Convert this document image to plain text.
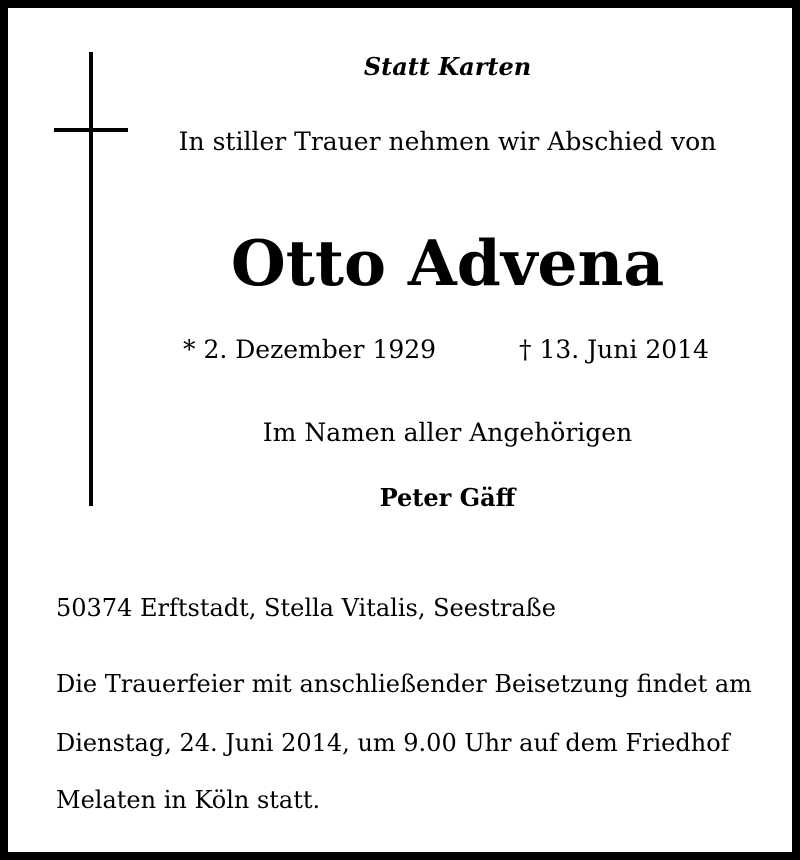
Statt Karten
In stiller Trauer nehmen wir Abschied von
Otto Advena
* 2. Dezember 1929	† 13. Juni 2014
Im Namen aller Angehörigen
Peter Gäff
50374 Erftstadt, Stella Vitalis, Seestraße
Die Trauerfeier mit anschließender Beisetzung findet am
Dienstag, 24. Juni 2014, um 9.00 Uhr auf dem Friedhof
Melaten in Köln statt.
